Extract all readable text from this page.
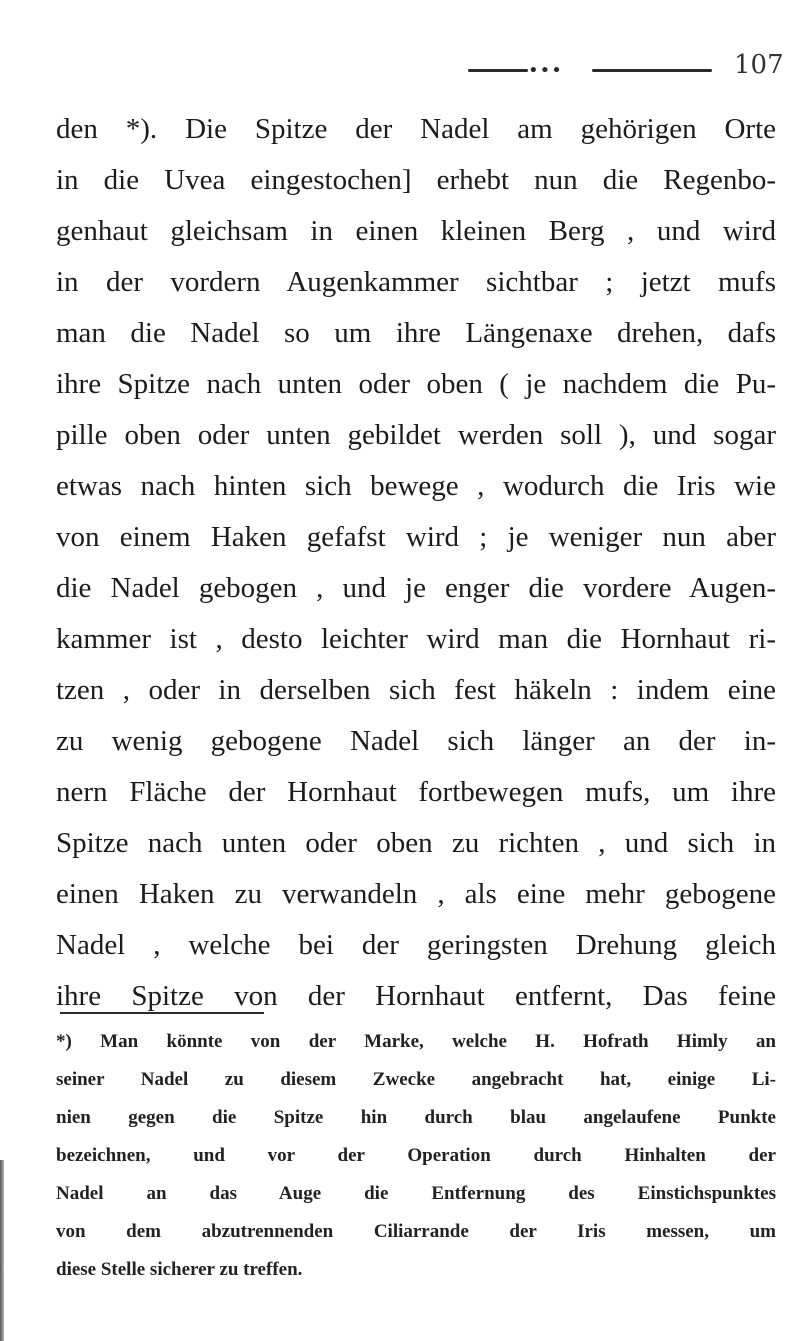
•••	107
den *). Die Spitze der Nadel am gehörigen Orte
in die Uvea eingestochen] erhebt nun die Regenbo-
genhaut gleichsam in einen kleinen Berg , und wird
in der vordern Augenkammer sichtbar ; jetzt mufs
man die Nadel so um ihre Längenaxe drehen, dafs
ihre Spitze nach unten oder oben ( je nachdem die Pu-
pille oben oder unten gebildet werden soll ), und sogar
etwas nach hinten sich bewege , wodurch die Iris wie
von einem Haken gefafst wird ; je weniger nun aber
die Nadel gebogen , und je enger die vordere Augen-
kammer ist , desto leichter wird man die Hornhaut ri-
tzen , oder in derselben sich fest häkeln : indem eine
zu wenig gebogene Nadel sich länger an der in-
nern Fläche der Hornhaut fortbewegen mufs, um ihre
Spitze nach unten oder oben zu richten , und sich in
einen Haken zu verwandeln , als eine mehr gebogene
Nadel , welche bei der geringsten Drehung gleich
ihre Spitze von der Hornhaut entfernt, Das feine
*) Man könnte von der Marke, welche H. Hofrath Himly an
seiner Nadel zu diesem Zwecke angebracht hat, einige Li-
nien gegen die Spitze hin durch blau angelaufene Punkte
bezeichnen, und vor der Operation durch Hinhalten der
Nadel an das Auge die Entfernung des Einstichspunktes
von dem abzutrennenden Ciliarrande der Iris messen, um
diese Stelle sicherer zu treffen.
